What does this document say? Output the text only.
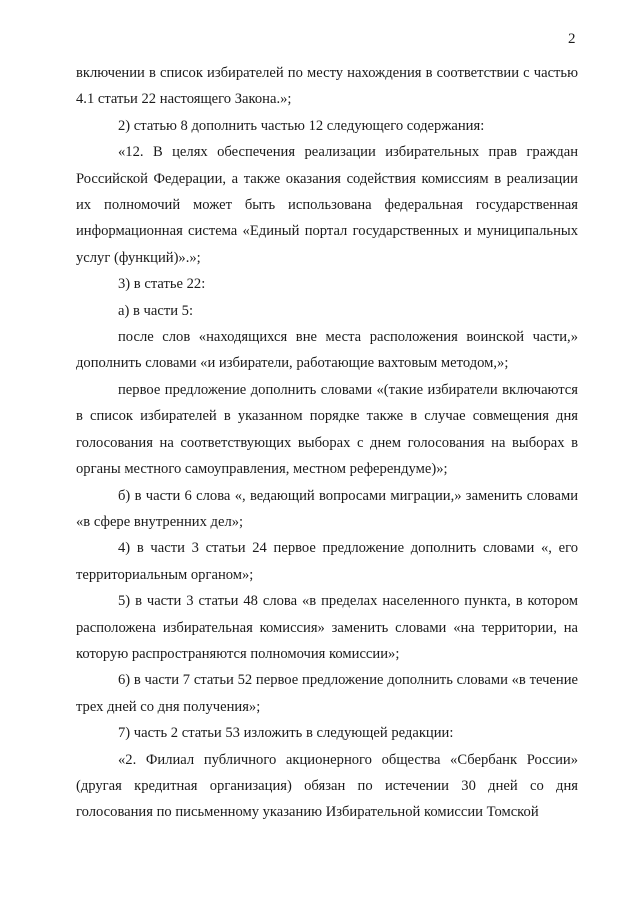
2

включении в список избирателей по месту нахождения в соответствии с частью 4.1 статьи 22 настоящего Закона.»;

2) статью 8 дополнить частью 12 следующего содержания:

«12. В целях обеспечения реализации избирательных прав граждан Российской Федерации, а также оказания содействия комиссиям в реализации их полномочий может быть использована федеральная государственная информационная система «Единый портал государственных и муниципальных услуг (функций)».»;

3) в статье 22:

а) в части 5:

после слов «находящихся вне места расположения воинской части,» дополнить словами «и избиратели, работающие вахтовым методом,»;

первое предложение дополнить словами «(такие избиратели включаются в список избирателей в указанном порядке также в случае совмещения дня голосования на соответствующих выборах с днем голосования на выборах в органы местного самоуправления, местном референдуме)»;

б) в части 6 слова «, ведающий вопросами миграции,» заменить словами «в сфере внутренних дел»;

4) в части 3 статьи 24 первое предложение дополнить словами «, его территориальным органом»;

5) в части 3 статьи 48 слова «в пределах населенного пункта, в котором расположена избирательная комиссия» заменить словами «на территории, на которую распространяются полномочия комиссии»;

6) в части 7 статьи 52 первое предложение дополнить словами «в течение трех дней со дня получения»;

7) часть 2 статьи 53 изложить в следующей редакции:

«2. Филиал публичного акционерного общества «Сбербанк России» (другая кредитная организация) обязан по истечении 30 дней со дня голосования по письменному указанию Избирательной комиссии Томской
